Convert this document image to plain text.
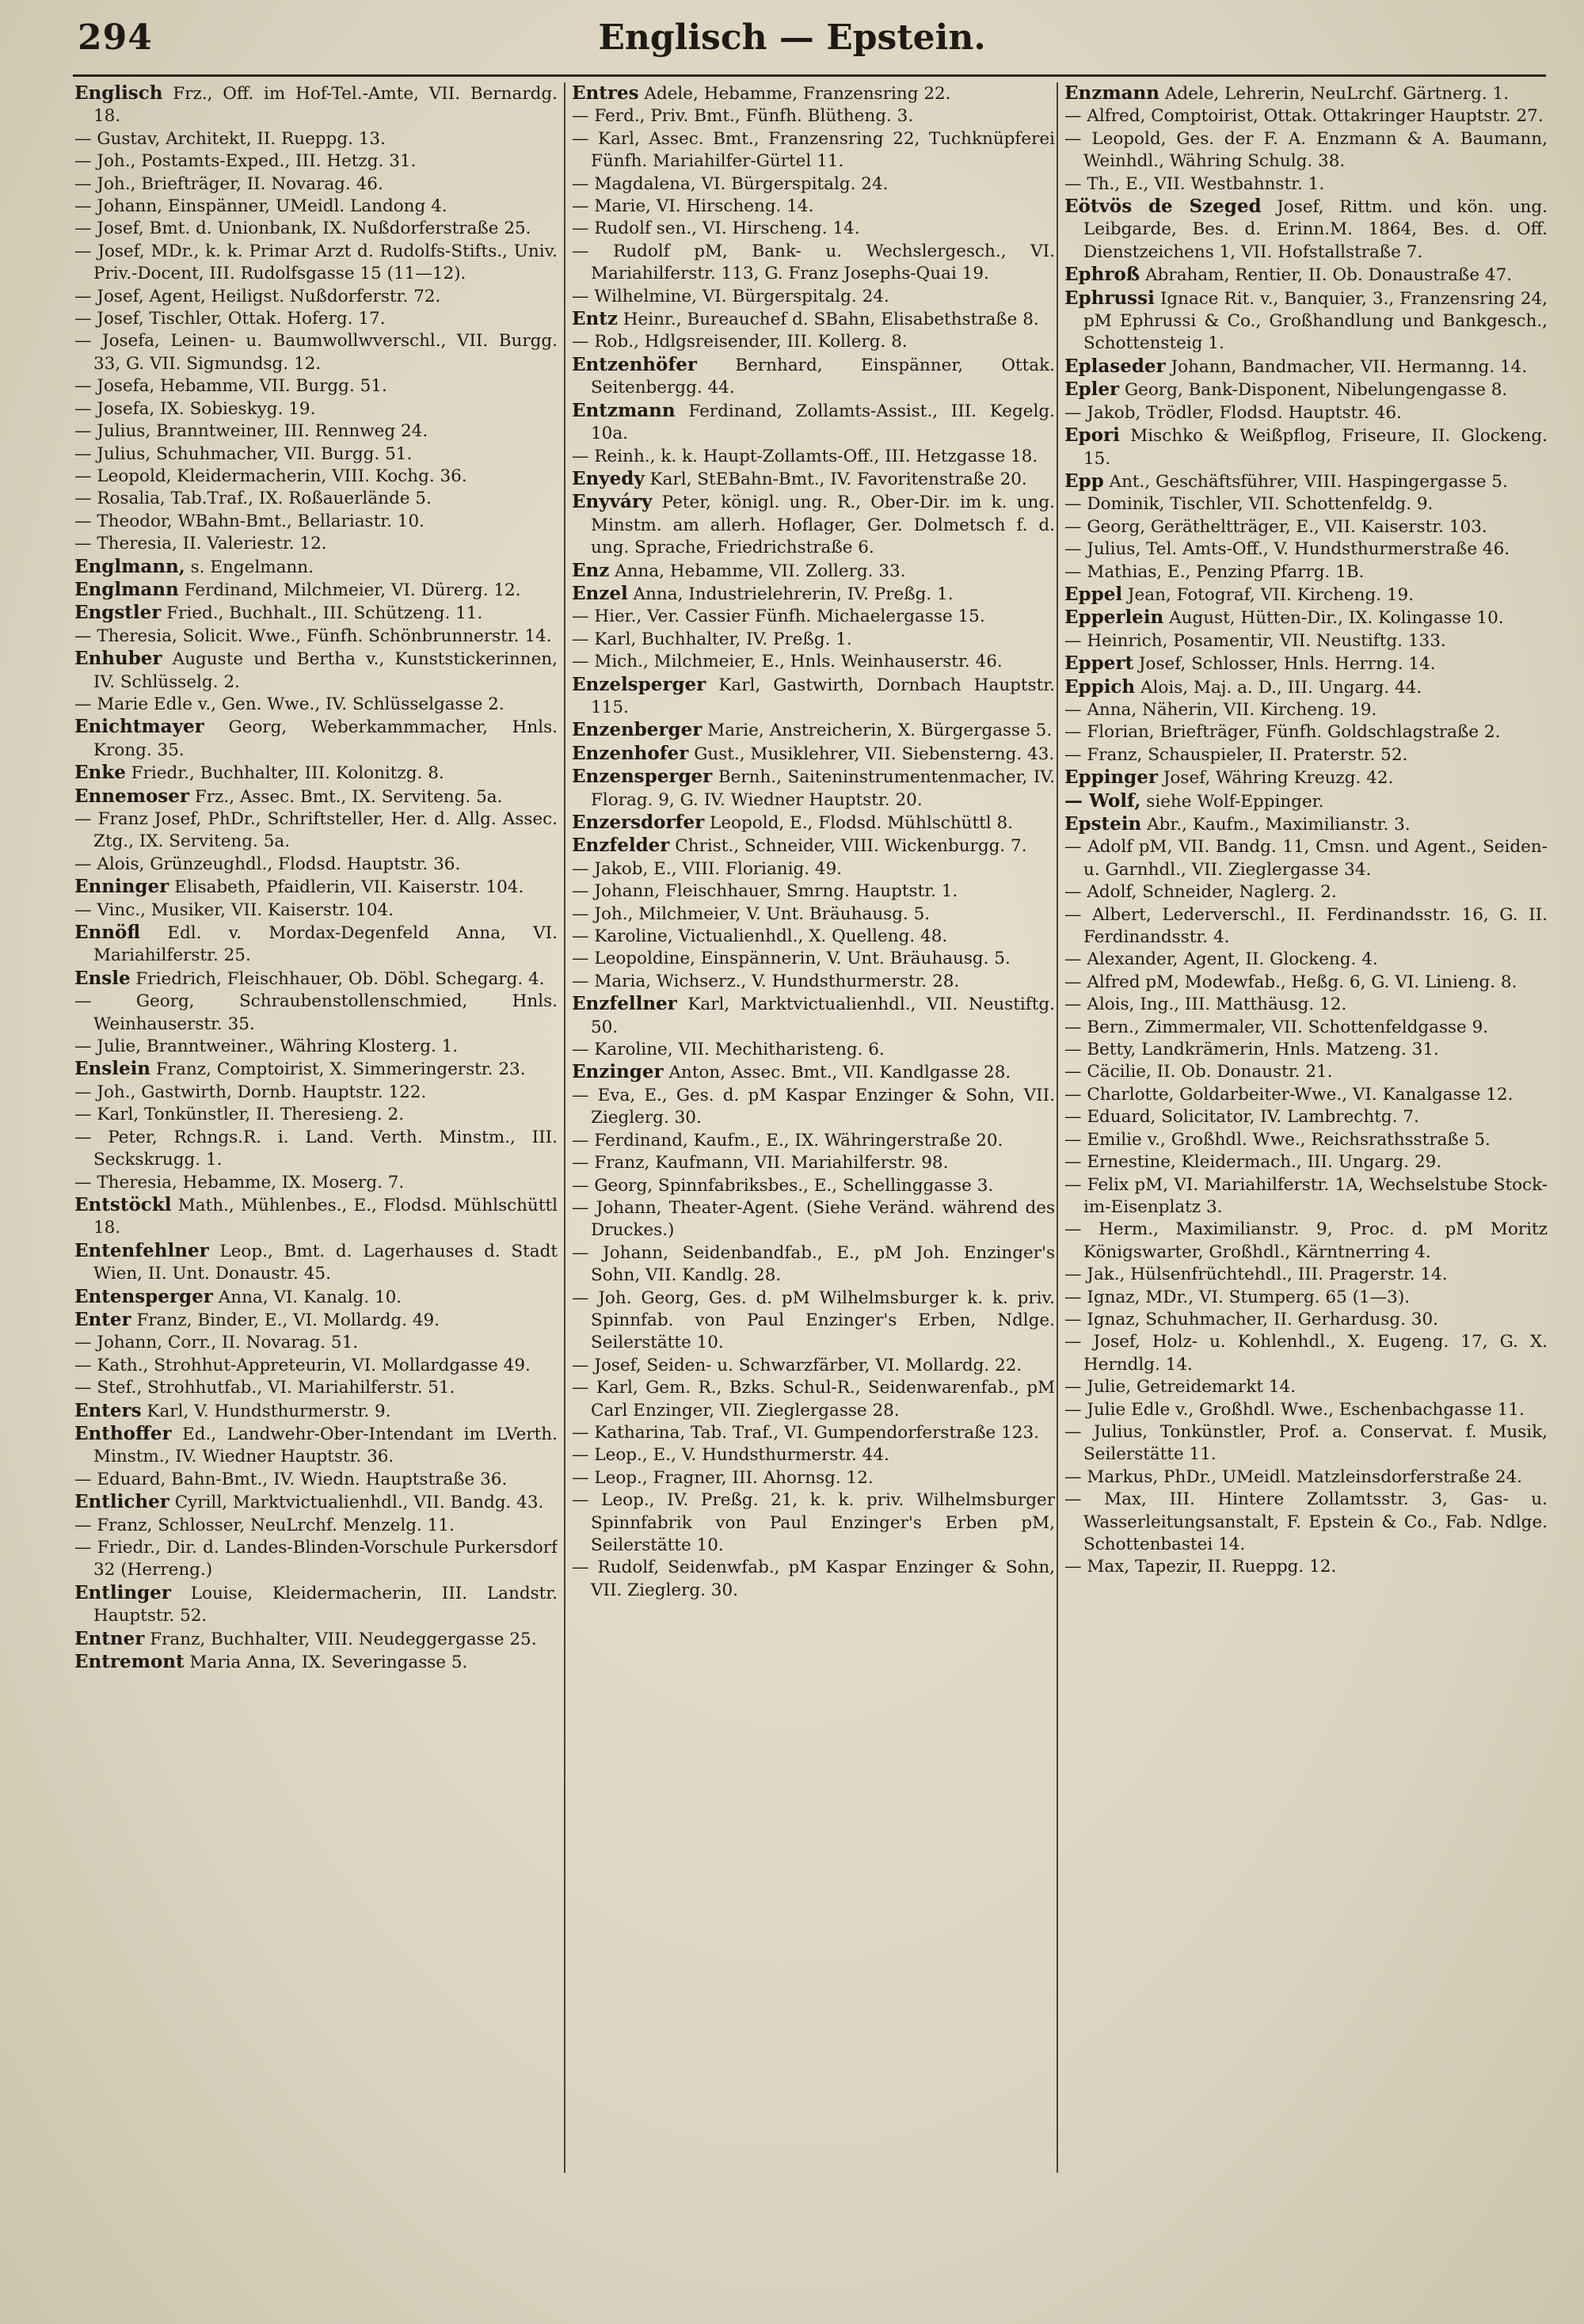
294	Englisch — Epstein.

Englisch Frz., Off. im Hof-Tel.-Amte, VII. Bernardg. 18.

— Gustav, Architekt, II. Rueppg. 13.

— Joh., Postamts-Exped., III. Hetzg. 31.

— Joh., Briefträger, II. Novarag. 46.

— Johann, Einspänner, UMeidl. Landong 4.

— Josef, Bmt. d. Unionbank, IX. Nußdorferstraße 25.

— Josef, MDr., k. k. Primar Arzt d. Rudolfs-Stifts., Univ. Priv.-Docent, III. Rudolfsgasse 15 (11—12).

— Josef, Agent, Heiligst. Nußdorferstr. 72.

— Josef, Tischler, Ottak. Hoferg. 17.

— Josefa, Leinen- u. Baumwollwverschl., VII. Burgg. 33, G. VII. Sigmundsg. 12.

— Josefa, Hebamme, VII. Burgg. 51.

— Josefa, IX. Sobieskyg. 19.

— Julius, Branntweiner, III. Rennweg 24.

— Julius, Schuhmacher, VII. Burgg. 51.

— Leopold, Kleidermacherin, VIII. Kochg. 36.

— Rosalia, Tab.Traf., IX. Roßauerlände 5.

— Theodor, WBahn-Bmt., Bellariastr. 10.

— Theresia, II. Valeriestr. 12.

Englmann, s. Engelmann.

Englmann Ferdinand, Milchmeier, VI. Dürerg. 12.

Engstler Fried., Buchhalt., III. Schützeng. 11.

— Theresia, Solicit. Wwe., Fünfh. Schönbrunnerstr. 14.

Enhuber Auguste und Bertha v., Kunststickerinnen, IV. Schlüsselg. 2.

— Marie Edle v., Gen. Wwe., IV. Schlüsselgasse 2.

Enichtmayer Georg, Weberkammmacher, Hnls. Krong. 35.

Enke Friedr., Buchhalter, III. Kolonitzg. 8.

Ennemoser Frz., Assec. Bmt., IX. Serviteng. 5a.

— Franz Josef, PhDr., Schriftsteller, Her. d. Allg. Assec. Ztg., IX. Serviteng. 5a.

— Alois, Grünzeughdl., Flodsd. Hauptstr. 36.

Enninger Elisabeth, Pfaidlerin, VII. Kaiserstr. 104.

— Vinc., Musiker, VII. Kaiserstr. 104.

Ennöfl Edl. v. Mordax-Degenfeld Anna, VI. Mariahilferstr. 25.

Ensle Friedrich, Fleischhauer, Ob. Döbl. Schegarg. 4.

— Georg, Schraubenstollenschmied, Hnls. Weinhauserstr. 35.

— Julie, Branntweiner., Währing Klosterg. 1.

Enslein Franz, Comptoirist, X. Simmeringerstr. 23.

— Joh., Gastwirth, Dornb. Hauptstr. 122.

— Karl, Tonkünstler, II. Theresieng. 2.

— Peter, Rchngs.R. i. Land. Verth. Minstm., III. Seckskrugg. 1.

— Theresia, Hebamme, IX. Moserg. 7.

Entstöckl Math., Mühlenbes., E., Flodsd. Mühlschüttl 18.

Entenfehlner Leop., Bmt. d. Lagerhauses d. Stadt Wien, II. Unt. Donaustr. 45.

Entensperger Anna, VI. Kanalg. 10.

Enter Franz, Binder, E., VI. Mollardg. 49.

— Johann, Corr., II. Novarag. 51.

— Kath., Strohhut-Appreteurin, VI. Mollardgasse 49.

— Stef., Strohhutfab., VI. Mariahilferstr. 51.

Enters Karl, V. Hundsthurmerstr. 9.

Enthoffer Ed., Landwehr-Ober-Intendant im LVerth. Minstm., IV. Wiedner Hauptstr. 36.

— Eduard, Bahn-Bmt., IV. Wiedn. Hauptstraße 36.

Entlicher Cyrill, Marktvictualienhdl., VII. Bandg. 43.

— Franz, Schlosser, NeuLrchf. Menzelg. 11.

— Friedr., Dir. d. Landes-Blinden-Vorschule Purkersdorf 32 (Herreng.)

Entlinger Louise, Kleidermacherin, III. Landstr. Hauptstr. 52.

Entner Franz, Buchhalter, VIII. Neudeggergasse 25.

Entremont Maria Anna, IX. Severingasse 5.

Entres Adele, Hebamme, Franzensring 22.

— Ferd., Priv. Bmt., Fünfh. Blütheng. 3.

— Karl, Assec. Bmt., Franzensring 22, Tuchknüpferei Fünfh. Mariahilfer-Gürtel 11.

— Magdalena, VI. Bürgerspitalg. 24.

— Marie, VI. Hirscheng. 14.

— Rudolf sen., VI. Hirscheng. 14.

— Rudolf pM, Bank- u. Wechslergesch., VI. Mariahilferstr. 113, G. Franz Josephs-Quai 19.

— Wilhelmine, VI. Bürgerspitalg. 24.

Entz Heinr., Bureauchef d. SBahn, Elisabethstraße 8.

— Rob., Hdlgsreisender, III. Kollerg. 8.

Entzenhöfer Bernhard, Einspänner, Ottak. Seitenbergg. 44.

Entzmann Ferdinand, Zollamts-Assist., III. Kegelg. 10a.

— Reinh., k. k. Haupt-Zollamts-Off., III. Hetzgasse 18.

Enyedy Karl, StEBahn-Bmt., IV. Favoritenstraße 20.

Enyváry Peter, königl. ung. R., Ober-Dir. im k. ung. Minstm. am allerh. Hoflager, Ger. Dolmetsch f. d. ung. Sprache, Friedrichstraße 6.

Enz Anna, Hebamme, VII. Zollerg. 33.

Enzel Anna, Industrielehrerin, IV. Preßg. 1.

— Hier., Ver. Cassier Fünfh. Michaelergasse 15.

— Karl, Buchhalter, IV. Preßg. 1.

— Mich., Milchmeier, E., Hnls. Weinhauserstr. 46.

Enzelsperger Karl, Gastwirth, Dornbach Hauptstr. 115.

Enzenberger Marie, Anstreicherin, X. Bürgergasse 5.

Enzenhofer Gust., Musiklehrer, VII. Siebensterng. 43.

Enzensperger Bernh., Saiteninstrumentenmacher, IV. Florag. 9, G. IV. Wiedner Hauptstr. 20.

Enzersdorfer Leopold, E., Flodsd. Mühlschüttl 8.

Enzfelder Christ., Schneider, VIII. Wickenburgg. 7.

— Jakob, E., VIII. Florianig. 49.

— Johann, Fleischhauer, Smrng. Hauptstr. 1.

— Joh., Milchmeier, V. Unt. Bräuhausg. 5.

— Karoline, Victualienhdl., X. Quelleng. 48.

— Leopoldine, Einspännerin, V. Unt. Bräuhausg. 5.

— Maria, Wichserz., V. Hundsthurmerstr. 28.

Enzfellner Karl, Marktvictualienhdl., VII. Neustiftg. 50.

— Karoline, VII. Mechitharisteng. 6.

Enzinger Anton, Assec. Bmt., VII. Kandlgasse 28.

— Eva, E., Ges. d. pM Kaspar Enzinger & Sohn, VII. Zieglerg. 30.

— Ferdinand, Kaufm., E., IX. Währingerstraße 20.

— Franz, Kaufmann, VII. Mariahilferstr. 98.

— Georg, Spinnfabriksbes., E., Schellinggasse 3.

— Johann, Theater-Agent. (Siehe Veränd. während des Druckes.)

— Johann, Seidenbandfab., E., pM Joh. Enzinger's Sohn, VII. Kandlg. 28.

— Joh. Georg, Ges. d. pM Wilhelmsburger k. k. priv. Spinnfab. von Paul Enzinger's Erben, Ndlge. Seilerstätte 10.

— Josef, Seiden- u. Schwarzfärber, VI. Mollardg. 22.

— Karl, Gem. R., Bzks. Schul-R., Seidenwarenfab., pM Carl Enzinger, VII. Zieglergasse 28.

— Katharina, Tab. Traf., VI. Gumpendorferstraße 123.

— Leop., E., V. Hundsthurmerstr. 44.

— Leop., Fragner, III. Ahornsg. 12.

— Leop., IV. Preßg. 21, k. k. priv. Wilhelmsburger Spinnfabrik von Paul Enzinger's Erben pM, Seilerstätte 10.

— Rudolf, Seidenwfab., pM Kaspar Enzinger & Sohn, VII. Zieglerg. 30.

Enzmann Adele, Lehrerin, NeuLrchf. Gärtnerg. 1.

— Alfred, Comptoirist, Ottak. Ottakringer Hauptstr. 27.

— Leopold, Ges. der F. A. Enzmann & A. Baumann, Weinhdl., Währing Schulg. 38.

— Th., E., VII. Westbahnstr. 1.

Eötvös de Szeged Josef, Rittm. und kön. ung. Leibgarde, Bes. d. Erinn.M. 1864, Bes. d. Off. Dienstzeichens 1, VII. Hofstallstraße 7.

Ephroß Abraham, Rentier, II. Ob. Donaustraße 47.

Ephrussi Ignace Rit. v., Banquier, 3., Franzensring 24, pM Ephrussi & Co., Großhandlung und Bankgesch., Schottensteig 1.

Eplaseder Johann, Bandmacher, VII. Hermanng. 14.

Epler Georg, Bank-Disponent, Nibelungengasse 8.

— Jakob, Trödler, Flodsd. Hauptstr. 46.

Epori Mischko & Weißpflog, Friseure, II. Glockeng. 15.

Epp Ant., Geschäftsführer, VIII. Haspingergasse 5.

— Dominik, Tischler, VII. Schottenfeldg. 9.

— Georg, Gerätheltträger, E., VII. Kaiserstr. 103.

— Julius, Tel. Amts-Off., V. Hundsthurmerstraße 46.

— Mathias, E., Penzing Pfarrg. 1B.

Eppel Jean, Fotograf, VII. Kircheng. 19.

Epperlein August, Hütten-Dir., IX. Kolingasse 10.

— Heinrich, Posamentir, VII. Neustiftg. 133.

Eppert Josef, Schlosser, Hnls. Herrng. 14.

Eppich Alois, Maj. a. D., III. Ungarg. 44.

— Anna, Näherin, VII. Kircheng. 19.

— Florian, Briefträger, Fünfh. Goldschlagstraße 2.

— Franz, Schauspieler, II. Praterstr. 52.

Eppinger Josef, Währing Kreuzg. 42.

— Wolf, siehe Wolf-Eppinger.

Epstein Abr., Kaufm., Maximilianstr. 3.

— Adolf pM, VII. Bandg. 11, Cmsn. und Agent., Seiden- u. Garnhdl., VII. Zieglergasse 34.

— Adolf, Schneider, Naglerg. 2.

— Albert, Lederverschl., II. Ferdinandsstr. 16, G. II. Ferdinandsstr. 4.

— Alexander, Agent, II. Glockeng. 4.

— Alfred pM, Modewfab., Heßg. 6, G. VI. Linieng. 8.

— Alois, Ing., III. Matthäusg. 12.

— Bern., Zimmermaler, VII. Schottenfeldgasse 9.

— Betty, Landkrämerin, Hnls. Matzeng. 31.

— Cäcilie, II. Ob. Donaustr. 21.

— Charlotte, Goldarbeiter-Wwe., VI. Kanalgasse 12.

— Eduard, Solicitator, IV. Lambrechtg. 7.

— Emilie v., Großhdl. Wwe., Reichsrathsstraße 5.

— Ernestine, Kleidermach., III. Ungarg. 29.

— Felix pM, VI. Mariahilferstr. 1A, Wechselstube Stock-im-Eisenplatz 3.

— Herm., Maximilianstr. 9, Proc. d. pM Moritz Königswarter, Großhdl., Kärntnerring 4.

— Jak., Hülsenfrüchtehdl., III. Pragerstr. 14.

— Ignaz, MDr., VI. Stumperg. 65 (1—3).

— Ignaz, Schuhmacher, II. Gerhardusg. 30.

— Josef, Holz- u. Kohlenhdl., X. Eugeng. 17, G. X. Herndlg. 14.

— Julie, Getreidemarkt 14.

— Julie Edle v., Großhdl. Wwe., Eschenbachgasse 11.

— Julius, Tonkünstler, Prof. a. Conservat. f. Musik, Seilerstätte 11.

— Markus, PhDr., UMeidl. Matzleinsdorferstraße 24.

— Max, III. Hintere Zollamtsstr. 3, Gas- u. Wasserleitungsanstalt, F. Epstein & Co., Fab. Ndlge. Schottenbastei 14.

— Max, Tapezir, II. Rueppg. 12.
